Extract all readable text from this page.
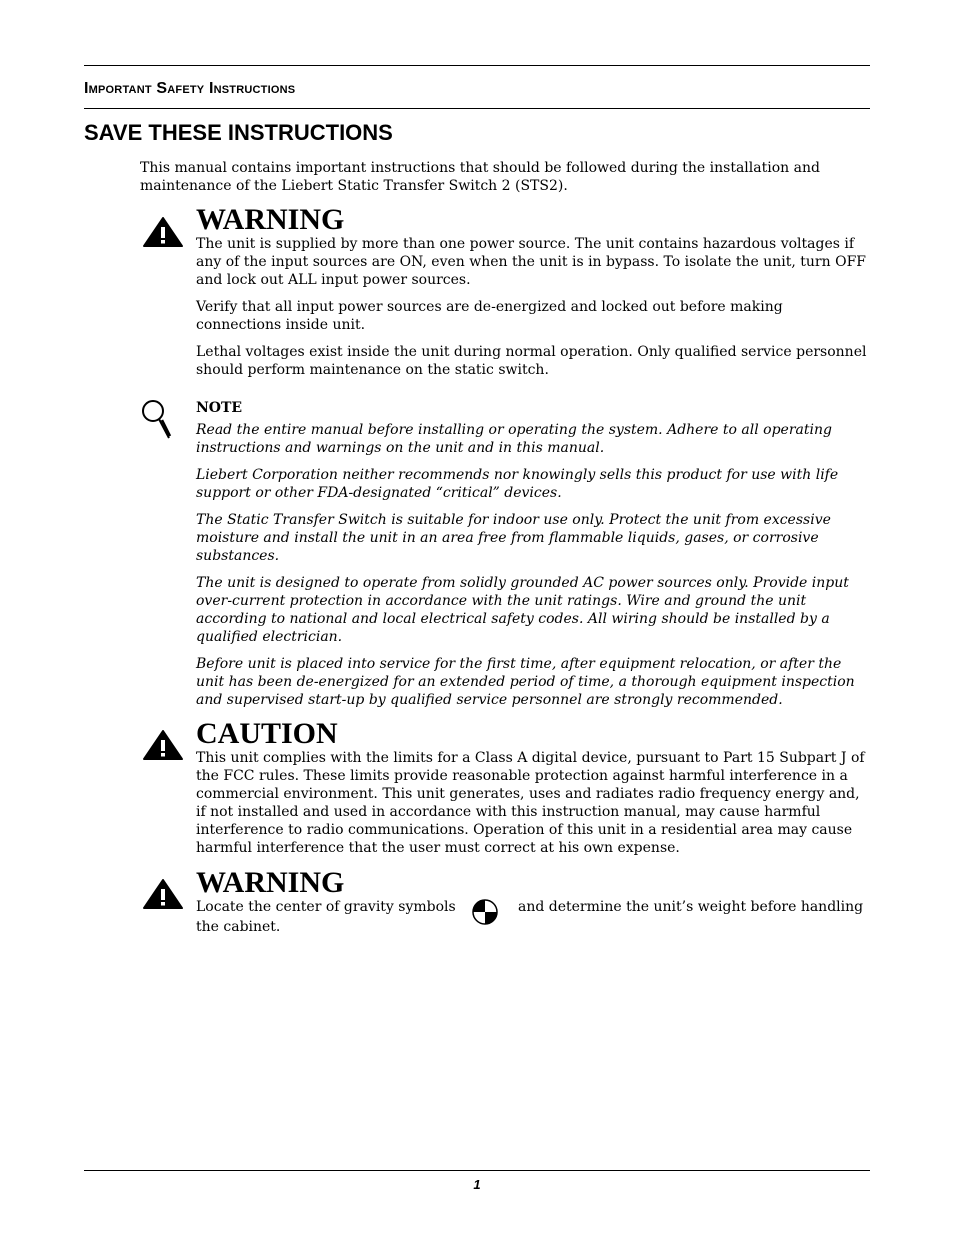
Important Safety Instructions
SAVE THESE INSTRUCTIONS

This manual contains important instructions that should be followed during the installation and maintenance of the Liebert Static Transfer Switch 2 (STS2).

WARNING

The unit is supplied by more than one power source. The unit contains hazardous voltages if any of the input sources are ON, even when the unit is in bypass. To isolate the unit, turn OFF and lock out ALL input power sources.

Verify that all input power sources are de-energized and locked out before making connections inside unit.

Lethal voltages exist inside the unit during normal operation. Only qualified service personnel should perform maintenance on the static switch.

NOTE

Read the entire manual before installing or operating the system. Adhere to all operating instructions and warnings on the unit and in this manual.

Liebert Corporation neither recommends nor knowingly sells this product for use with life support or other FDA-designated “critical” devices.

The Static Transfer Switch is suitable for indoor use only. Protect the unit from excessive moisture and install the unit in an area free from flammable liquids, gases, or corrosive substances.

The unit is designed to operate from solidly grounded AC power sources only. Provide input over-current protection in accordance with the unit ratings. Wire and ground the unit according to national and local electrical safety codes. All wiring should be installed by a qualified electrician.

Before unit is placed into service for the first time, after equipment relocation, or after the unit has been de-energized for an extended period of time, a thorough equipment inspection and supervised start-up by qualified service personnel are strongly recommended.

CAUTION

This unit complies with the limits for a Class A digital device, pursuant to Part 15 Subpart J of the FCC rules. These limits provide reasonable protection against harmful interference in a commercial environment. This unit generates, uses and radiates radio frequency energy and, if not installed and used in accordance with this instruction manual, may cause harmful interference to radio communications. Operation of this unit in a residential area may cause harmful interference that the user must correct at his own expense.

WARNING
Locate the center of gravity symbols	and determine the unit’s weight before handling
the cabinet.
1
